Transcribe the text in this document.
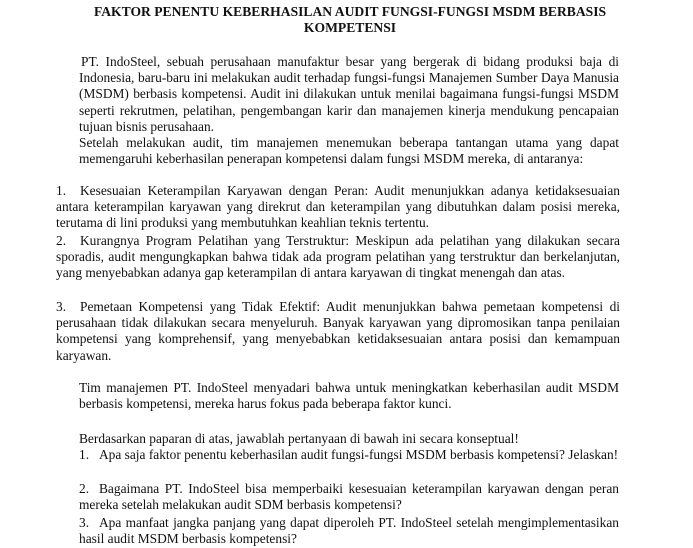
FAKTOR PENENTU KEBERHASILAN AUDIT FUNGSI-FUNGSI MSDM BERBASIS KOMPETENSI

PT. IndoSteel, sebuah perusahaan manufaktur besar yang bergerak di bidang produksi baja di Indonesia, baru-baru ini melakukan audit terhadap fungsi-fungsi Manajemen Sumber Daya Manusia (MSDM) berbasis kompetensi. Audit ini dilakukan untuk menilai bagaimana fungsi-fungsi MSDM seperti rekrutmen, pelatihan, pengembangan karir dan manajemen kinerja mendukung pencapaian tujuan bisnis perusahaan.

Setelah melakukan audit, tim manajemen menemukan beberapa tantangan utama yang dapat memengaruhi keberhasilan penerapan kompetensi dalam fungsi MSDM mereka, di antaranya:

1.	Kesesuaian Keterampilan Karyawan dengan Peran: Audit menunjukkan adanya ketidaksesuaian antara keterampilan karyawan yang direkrut dan keterampilan yang dibutuhkan dalam posisi mereka, terutama di lini produksi yang membutuhkan keahlian teknis tertentu.
2.	Kurangnya Program Pelatihan yang Terstruktur: Meskipun ada pelatihan yang dilakukan secara sporadis, audit mengungkapkan bahwa tidak ada program pelatihan yang terstruktur dan berkelanjutan, yang menyebabkan adanya gap keterampilan di antara karyawan di tingkat menengah dan atas.
3.	Pemetaan Kompetensi yang Tidak Efektif: Audit menunjukkan bahwa pemetaan kompetensi di perusahaan tidak dilakukan secara menyeluruh. Banyak karyawan yang dipromosikan tanpa penilaian kompetensi yang komprehensif, yang menyebabkan ketidaksesuaian antara posisi dan kemampuan karyawan.

Tim manajemen PT. IndoSteel menyadari bahwa untuk meningkatkan keberhasilan audit MSDM berbasis kompetensi, mereka harus fokus pada beberapa faktor kunci.

Berdasarkan paparan di atas, jawablah pertanyaan di bawah ini secara konseptual!

1. Apa saja faktor penentu keberhasilan audit fungsi-fungsi MSDM berbasis kompetensi? Jelaskan!
2. Bagaimana PT. IndoSteel bisa memperbaiki kesesuaian keterampilan karyawan dengan peran mereka setelah melakukan audit SDM berbasis kompetensi?
3. Apa manfaat jangka panjang yang dapat diperoleh PT. IndoSteel setelah mengimplementasikan hasil audit MSDM berbasis kompetensi?
